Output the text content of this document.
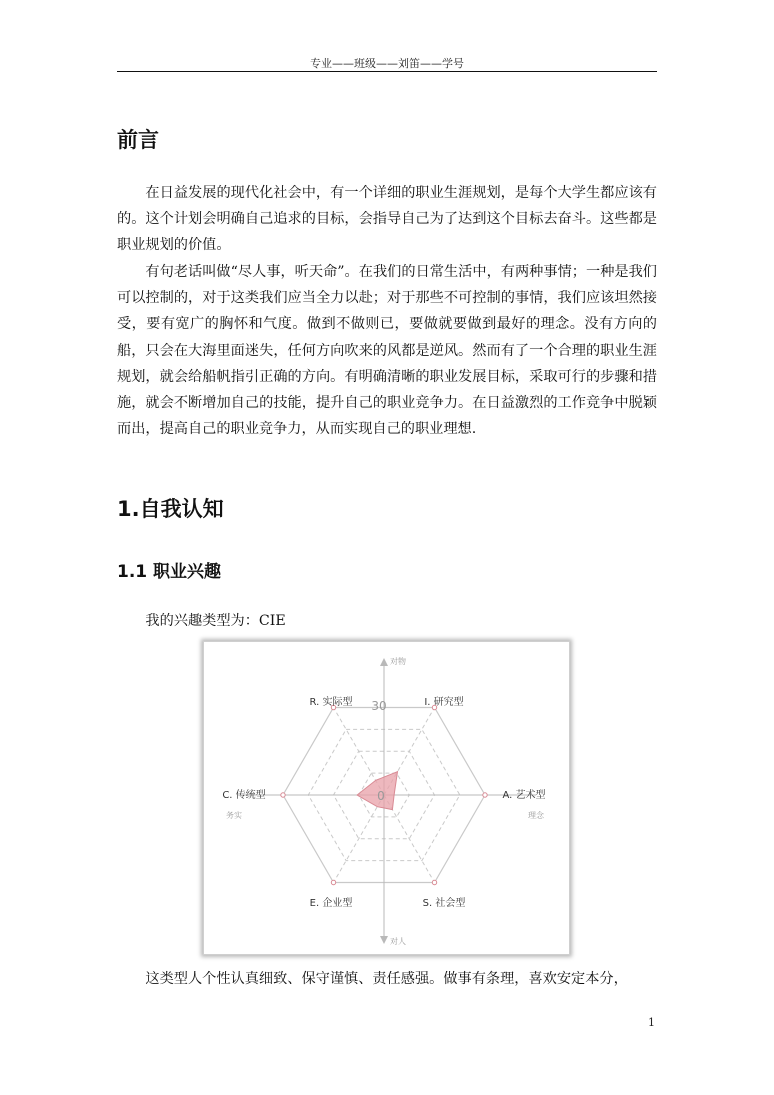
专业——班级——刘笛——学号
前言

在日益发展的现代化社会中，有一个详细的职业生涯规划，是每个大学生都应该有的。这个计划会明确自己追求的目标，会指导自己为了达到这个目标去奋斗。这些都是职业规划的价值。

有句老话叫做“尽人事，听天命”。在我们的日常生活中，有两种事情；一种是我们可以控制的，对于这类我们应当全力以赴；对于那些不可控制的事情，我们应该坦然接受，要有宽广的胸怀和气度。做到不做则已，要做就要做到最好的理念。没有方向的船，只会在大海里面迷失，任何方向吹来的风都是逆风。然而有了一个合理的职业生涯规划，就会给船帆指引正确的方向。有明确清晰的职业发展目标，采取可行的步骤和措施，就会不断增加自己的技能，提升自己的职业竞争力。在日益激烈的工作竞争中脱颖而出，提高自己的职业竞争力，从而实现自己的职业理想.

1.自我认知
1.1 职业兴趣

我的兴趣类型为：CIE

0
30
R. 实际型	I. 研究型
A. 艺术型
S. 社会型
E. 企业型
C. 传统型
对物
对人
务实	理念

这类型人个性认真细致、保守谨慎、责任感强。做事有条理，喜欢安定本分，

1
